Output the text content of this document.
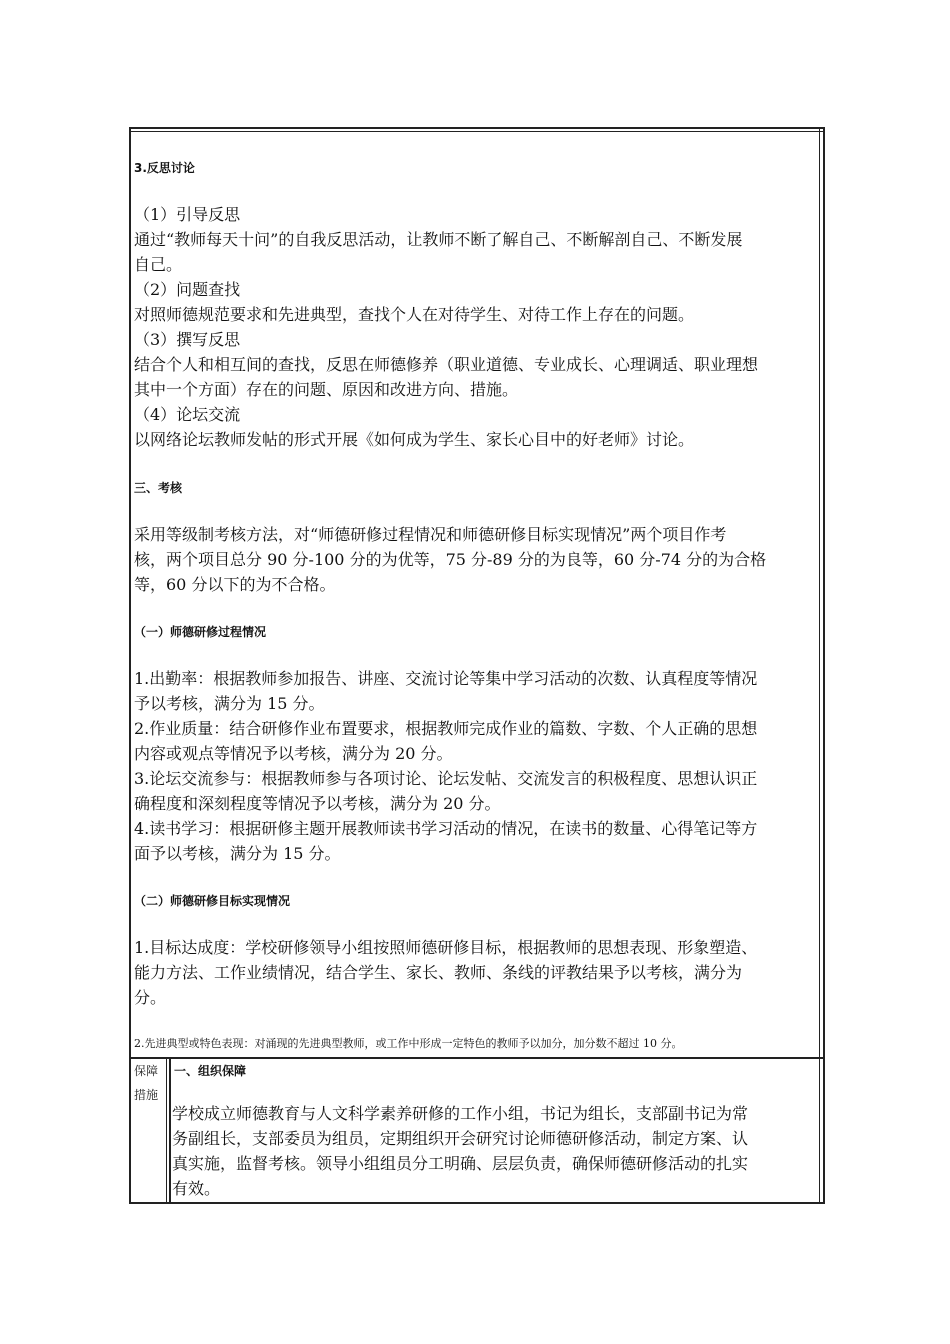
3.反思讨论
（1）引导反思
通过“教师每天十问”的自我反思活动，让教师不断了解自己、不断解剖自己、不断发展
自己。
（2）问题查找
对照师德规范要求和先进典型，查找个人在对待学生、对待工作上存在的问题。
（3）撰写反思
结合个人和相互间的查找，反思在师德修养（职业道德、专业成长、心理调适、职业理想
其中一个方面）存在的问题、原因和改进方向、措施。
（4）论坛交流
以网络论坛教师发帖的形式开展《如何成为学生、家长心目中的好老师》讨论。
三、考核
采用等级制考核方法，对“师德研修过程情况和师德研修目标实现情况”两个项目作考
核，两个项目总分 90 分-100 分的为优等，75 分-89 分的为良等，60 分-74 分的为合格
等，60 分以下的为不合格。
（一）师德研修过程情况
1.出勤率：根据教师参加报告、讲座、交流讨论等集中学习活动的次数、认真程度等情况
予以考核，满分为 15 分。
2.作业质量：结合研修作业布置要求，根据教师完成作业的篇数、字数、个人正确的思想
内容或观点等情况予以考核，满分为 20 分。
3.论坛交流参与：根据教师参与各项讨论、论坛发帖、交流发言的积极程度、思想认识正
确程度和深刻程度等情况予以考核，满分为 20 分。
4.读书学习：根据研修主题开展教师读书学习活动的情况，在读书的数量、心得笔记等方
面予以考核，满分为 15 分。
（二）师德研修目标实现情况
1.目标达成度：学校研修领导小组按照师德研修目标，根据教师的思想表现、形象塑造、
能力方法、工作业绩情况，结合学生、家长、教师、条线的评教结果予以考核，满分为
分。
2.先进典型或特色表现：对涌现的先进典型教师，或工作中形成一定特色的教师予以加分，加分数不超过 10 分。
保障
措施
一、组织保障
学校成立师德教育与人文科学素养研修的工作小组，书记为组长，支部副书记为常
务副组长，支部委员为组员，定期组织开会研究讨论师德研修活动，制定方案、认
真实施，监督考核。领导小组组员分工明确、层层负责，确保师德研修活动的扎实
有效。
